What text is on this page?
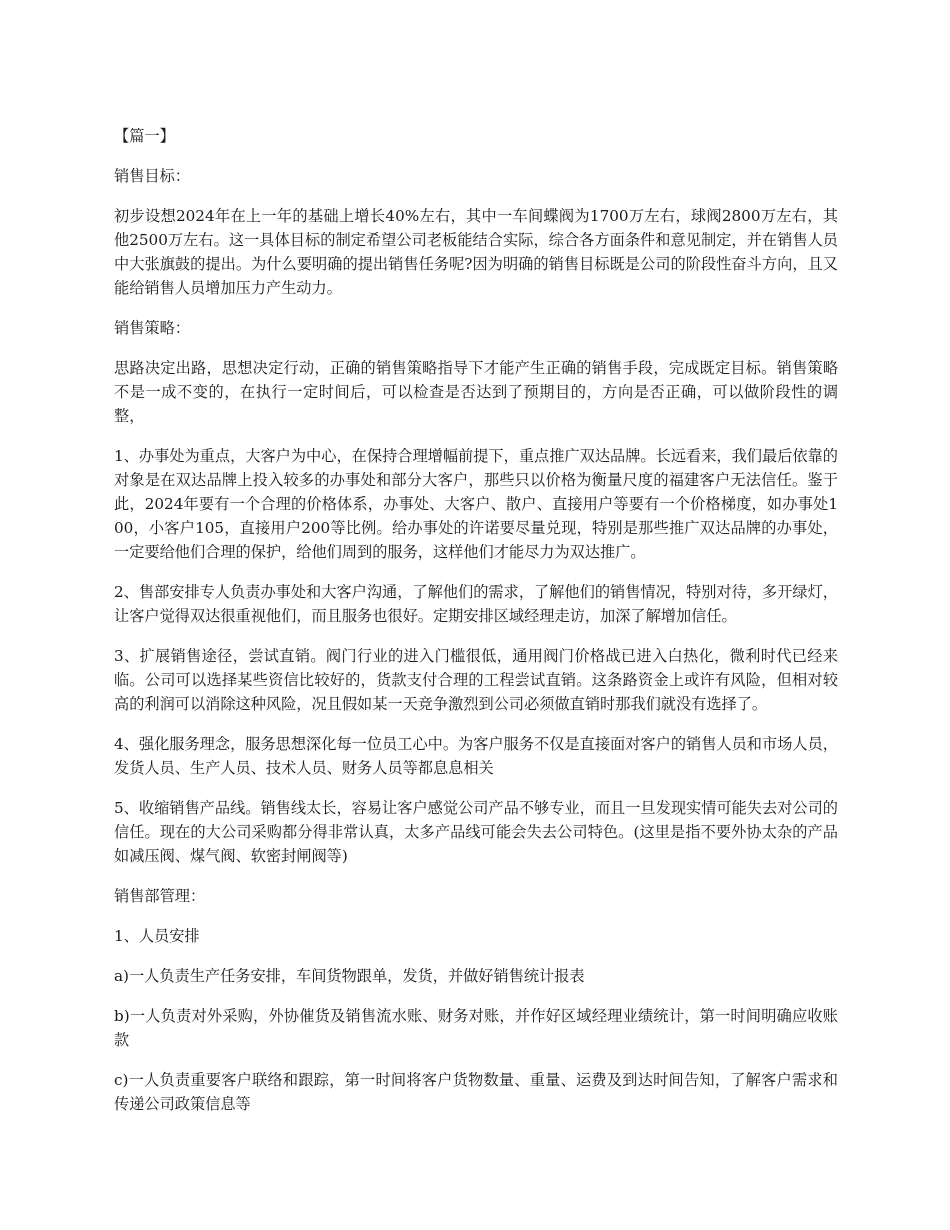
【篇一】

销售目标：

初步设想2024年在上一年的基础上增长40%左右，其中一车间蝶阀为1700万左右，球阀2800万左右，其他2500万左右。这一具体目标的制定希望公司老板能结合实际，综合各方面条件和意见制定，并在销售人员中大张旗鼓的提出。为什么要明确的提出销售任务呢?因为明确的销售目标既是公司的阶段性奋斗方向，且又能给销售人员增加压力产生动力。

销售策略：

思路决定出路，思想决定行动，正确的销售策略指导下才能产生正确的销售手段，完成既定目标。销售策略不是一成不变的，在执行一定时间后，可以检查是否达到了预期目的，方向是否正确，可以做阶段性的调整，

1、办事处为重点，大客户为中心，在保持合理增幅前提下，重点推广双达品牌。长远看来，我们最后依靠的对象是在双达品牌上投入较多的办事处和部分大客户，那些只以价格为衡量尺度的福建客户无法信任。鉴于此，2024年要有一个合理的价格体系，办事处、大客户、散户、直接用户等要有一个价格梯度，如办事处100，小客户105，直接用户200等比例。给办事处的许诺要尽量兑现，特别是那些推广双达品牌的办事处，一定要给他们合理的保护，给他们周到的服务，这样他们才能尽力为双达推广。

2、售部安排专人负责办事处和大客户沟通，了解他们的需求，了解他们的销售情况，特别对待，多开绿灯，让客户觉得双达很重视他们，而且服务也很好。定期安排区域经理走访，加深了解增加信任。

3、扩展销售途径，尝试直销。阀门行业的进入门槛很低，通用阀门价格战已进入白热化，微利时代已经来临。公司可以选择某些资信比较好的，货款支付合理的工程尝试直销。这条路资金上或许有风险，但相对较高的利润可以消除这种风险，况且假如某一天竞争激烈到公司必须做直销时那我们就没有选择了。

4、强化服务理念，服务思想深化每一位员工心中。为客户服务不仅是直接面对客户的销售人员和市场人员，发货人员、生产人员、技术人员、财务人员等都息息相关

5、收缩销售产品线。销售线太长，容易让客户感觉公司产品不够专业，而且一旦发现实情可能失去对公司的信任。现在的大公司采购都分得非常认真，太多产品线可能会失去公司特色。(这里是指不要外协太杂的产品如减压阀、煤气阀、软密封闸阀等)

销售部管理：

1、人员安排

a)一人负责生产任务安排，车间货物跟单，发货，并做好销售统计报表

b)一人负责对外采购，外协催货及销售流水账、财务对账，并作好区域经理业绩统计，第一时间明确应收账款

c)一人负责重要客户联络和跟踪，第一时间将客户货物数量、重量、运费及到达时间告知，了解客户需求和传递公司政策信息等
